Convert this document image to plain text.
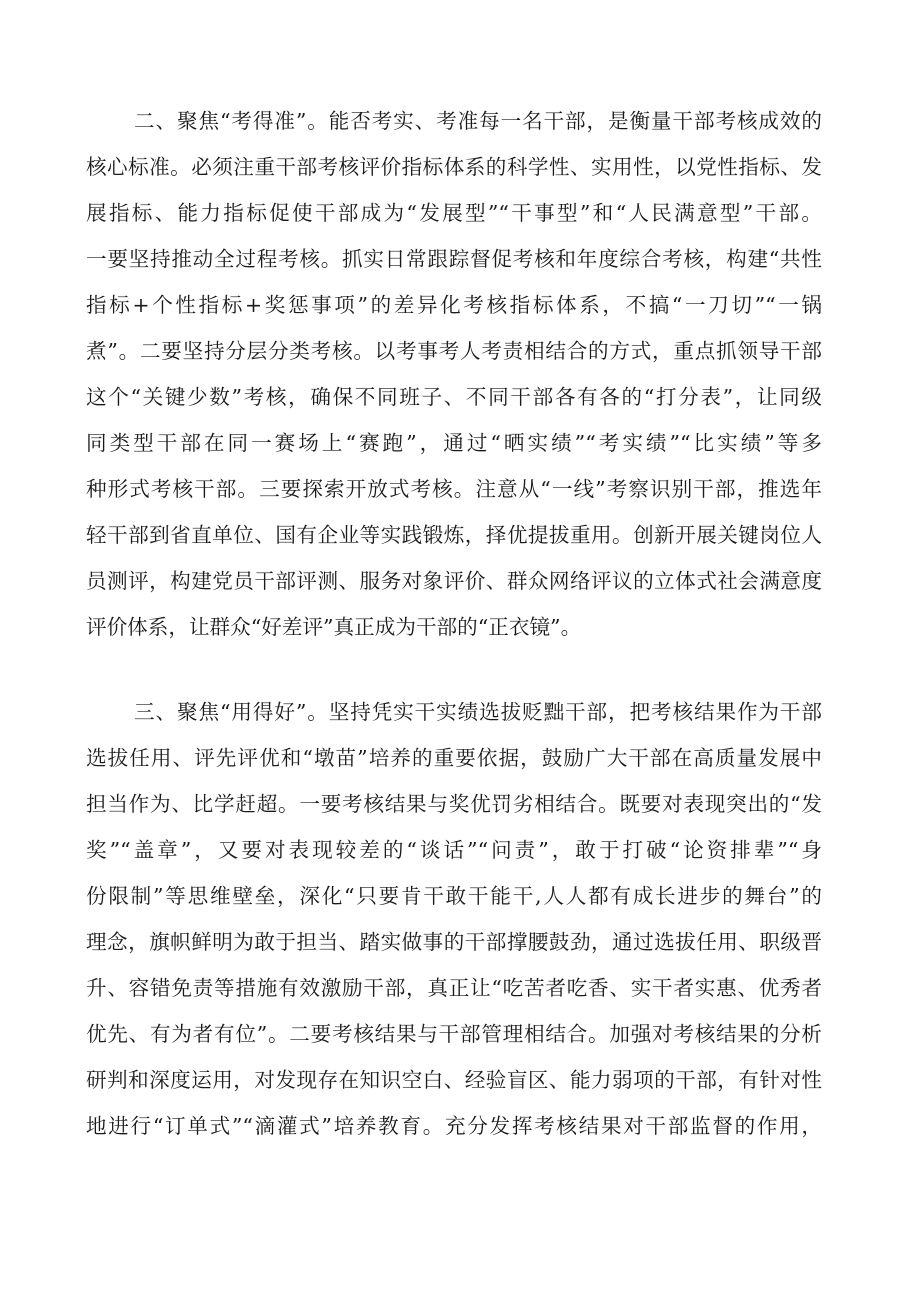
二、聚焦“考得准”。能否考实、考准每一名干部，是衡量干部考核成效的

核心标准。必须注重干部考核评价指标体系的科学性、实用性，以党性指标、发

展指标、能力指标促使干部成为“发展型”“干事型”和“人民满意型”干部。

一要坚持推动全过程考核。抓实日常跟踪督促考核和年度综合考核，构建“共性

指标+个性指标+奖惩事项”的差异化考核指标体系，不搞“一刀切”“一锅

煮”。二要坚持分层分类考核。以考事考人考责相结合的方式，重点抓领导干部

这个“关键少数”考核，确保不同班子、不同干部各有各的“打分表”，让同级

同类型干部在同一赛场上“赛跑”，通过“晒实绩”“考实绩”“比实绩”等多

种形式考核干部。三要探索开放式考核。注意从“一线”考察识别干部，推选年

轻干部到省直单位、国有企业等实践锻炼，择优提拔重用。创新开展关键岗位人

员测评，构建党员干部评测、服务对象评价、群众网络评议的立体式社会满意度

评价体系，让群众“好差评”真正成为干部的“正衣镜”。

三、聚焦“用得好”。坚持凭实干实绩选拔贬黜干部，把考核结果作为干部

选拔任用、评先评优和“墩苗”培养的重要依据，鼓励广大干部在高质量发展中

担当作为、比学赶超。一要考核结果与奖优罚劣相结合。既要对表现突出的“发

奖”“盖章”，又要对表现较差的“谈话”“问责”，敢于打破“论资排辈”“身

份限制”等思维壁垒，深化“只要肯干敢干能干,人人都有成长进步的舞台”的

理念，旗帜鲜明为敢于担当、踏实做事的干部撑腰鼓劲，通过选拔任用、职级晋

升、容错免责等措施有效激励干部，真正让“吃苦者吃香、实干者实惠、优秀者

优先、有为者有位”。二要考核结果与干部管理相结合。加强对考核结果的分析

研判和深度运用，对发现存在知识空白、经验盲区、能力弱项的干部，有针对性

地进行“订单式”“滴灌式”培养教育。充分发挥考核结果对干部监督的作用，
